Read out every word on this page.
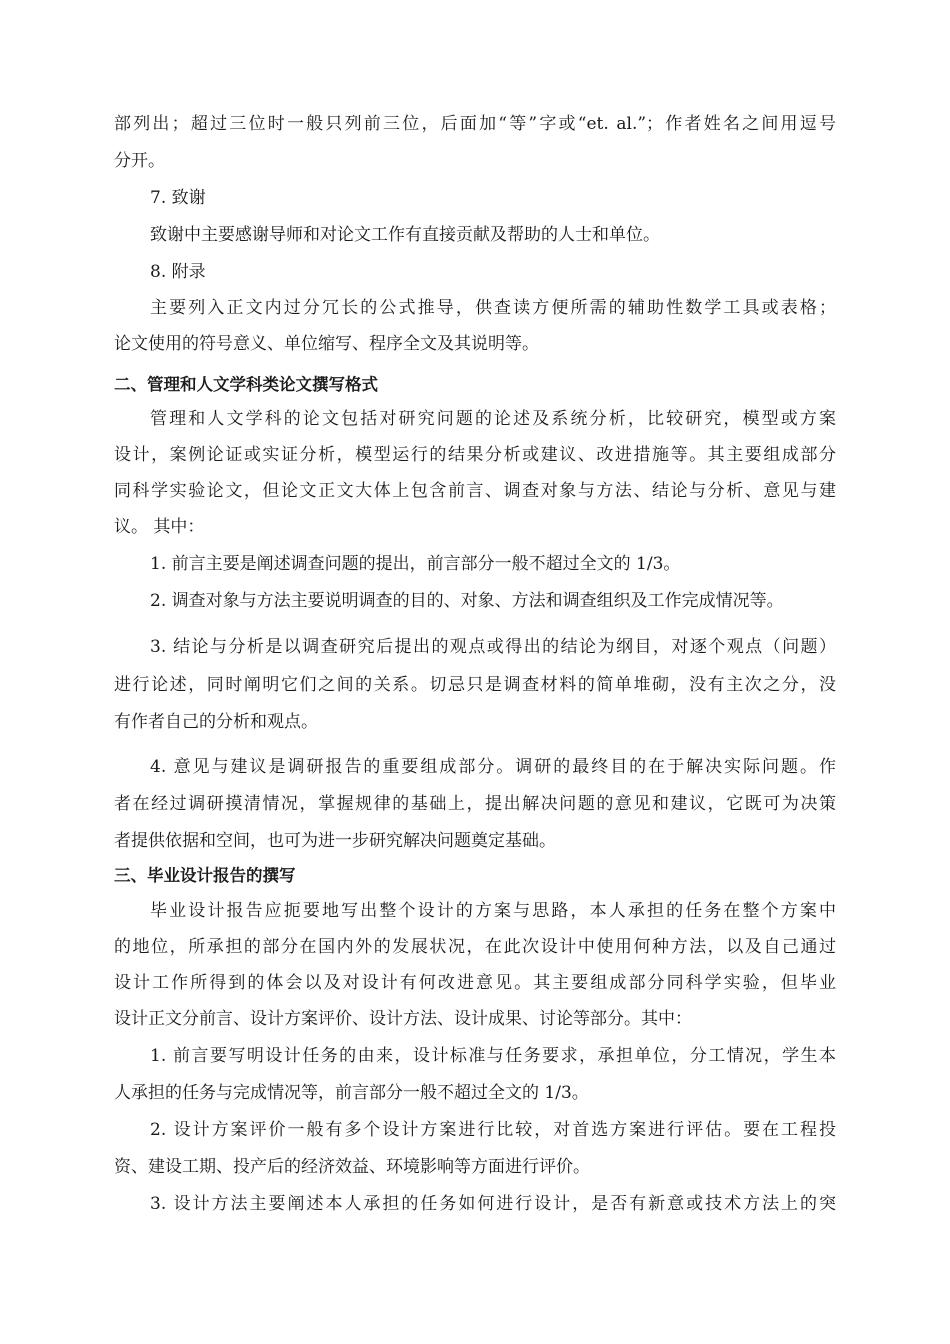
部列出；超过三位时一般只列前三位，后面加“等”字或“et. al.”；作者姓名之间用逗号
分开。
7. 致谢
致谢中主要感谢导师和对论文工作有直接贡献及帮助的人士和单位。
8. 附录
主要列入正文内过分冗长的公式推导，供查读方便所需的辅助性数学工具或表格；
论文使用的符号意义、单位缩写、程序全文及其说明等。
二、管理和人文学科类论文撰写格式
管理和人文学科的论文包括对研究问题的论述及系统分析，比较研究，模型或方案
设计，案例论证或实证分析，模型运行的结果分析或建议、改进措施等。其主要组成部分
同科学实验论文，但论文正文大体上包含前言、调查对象与方法、结论与分析、意见与建
议。 其中：
1. 前言主要是阐述调查问题的提出，前言部分一般不超过全文的 1/3。
2. 调查对象与方法主要说明调查的目的、对象、方法和调查组织及工作完成情况等。
3. 结论与分析是以调查研究后提出的观点或得出的结论为纲目，对逐个观点（问题）
进行论述，同时阐明它们之间的关系。切忌只是调查材料的简单堆砌，没有主次之分，没
有作者自己的分析和观点。
4. 意见与建议是调研报告的重要组成部分。调研的最终目的在于解决实际问题。作
者在经过调研摸清情况，掌握规律的基础上，提出解决问题的意见和建议，它既可为决策
者提供依据和空间，也可为进一步研究解决问题奠定基础。
三、毕业设计报告的撰写
毕业设计报告应扼要地写出整个设计的方案与思路，本人承担的任务在整个方案中
的地位，所承担的部分在国内外的发展状况，在此次设计中使用何种方法，以及自己通过
设计工作所得到的体会以及对设计有何改进意见。其主要组成部分同科学实验，但毕业
设计正文分前言、设计方案评价、设计方法、设计成果、讨论等部分。其中：
1. 前言要写明设计任务的由来，设计标准与任务要求，承担单位，分工情况，学生本
人承担的任务与完成情况等，前言部分一般不超过全文的 1/3。
2. 设计方案评价一般有多个设计方案进行比较，对首选方案进行评估。要在工程投
资、建设工期、投产后的经济效益、环境影响等方面进行评价。
3. 设计方法主要阐述本人承担的任务如何进行设计，是否有新意或技术方法上的突
